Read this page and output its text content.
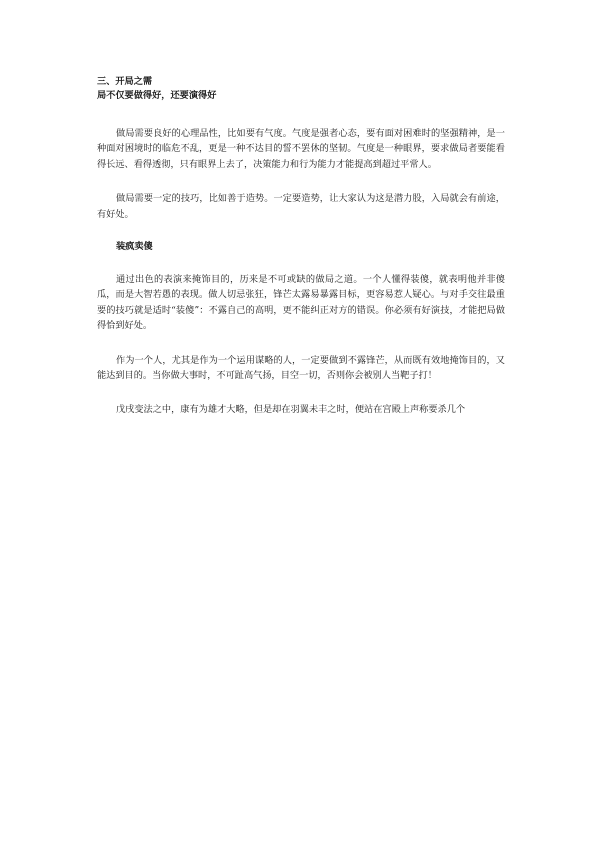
三、开局之需

局不仅要做得好，还要演得好

做局需要良好的心理品性，比如要有气度。气度是强者心态，要有面对困难时的坚强精神，是一种面对困境时的临危不乱，更是一种不达目的誓不罢休的坚韧。气度是一种眼界，要求做局者要能看得长远、看得透彻，只有眼界上去了，决策能力和行为能力才能提高到超过平常人。

做局需要一定的技巧，比如善于造势。一定要造势，让大家认为这是潜力股，入局就会有前途，有好处。

装疯卖傻

通过出色的表演来掩饰目的，历来是不可或缺的做局之道。一个人懂得装傻，就表明他并非傻瓜，而是大智若愚的表现。做人切忌张狂，锋芒太露易暴露目标，更容易惹人疑心。与对手交往最重要的技巧就是适时“装傻”：不露自己的高明，更不能纠正对方的错误。你必须有好演技，才能把局做得恰到好处。

作为一个人，尤其是作为一个运用谋略的人，一定要做到不露锋芒，从而既有效地掩饰目的，又能达到目的。当你做大事时，不可趾高气扬，目空一切，否则你会被别人当靶子打！

戊戌变法之中，康有为雄才大略，但是却在羽翼未丰之时，便站在宫殿上声称要杀几个
